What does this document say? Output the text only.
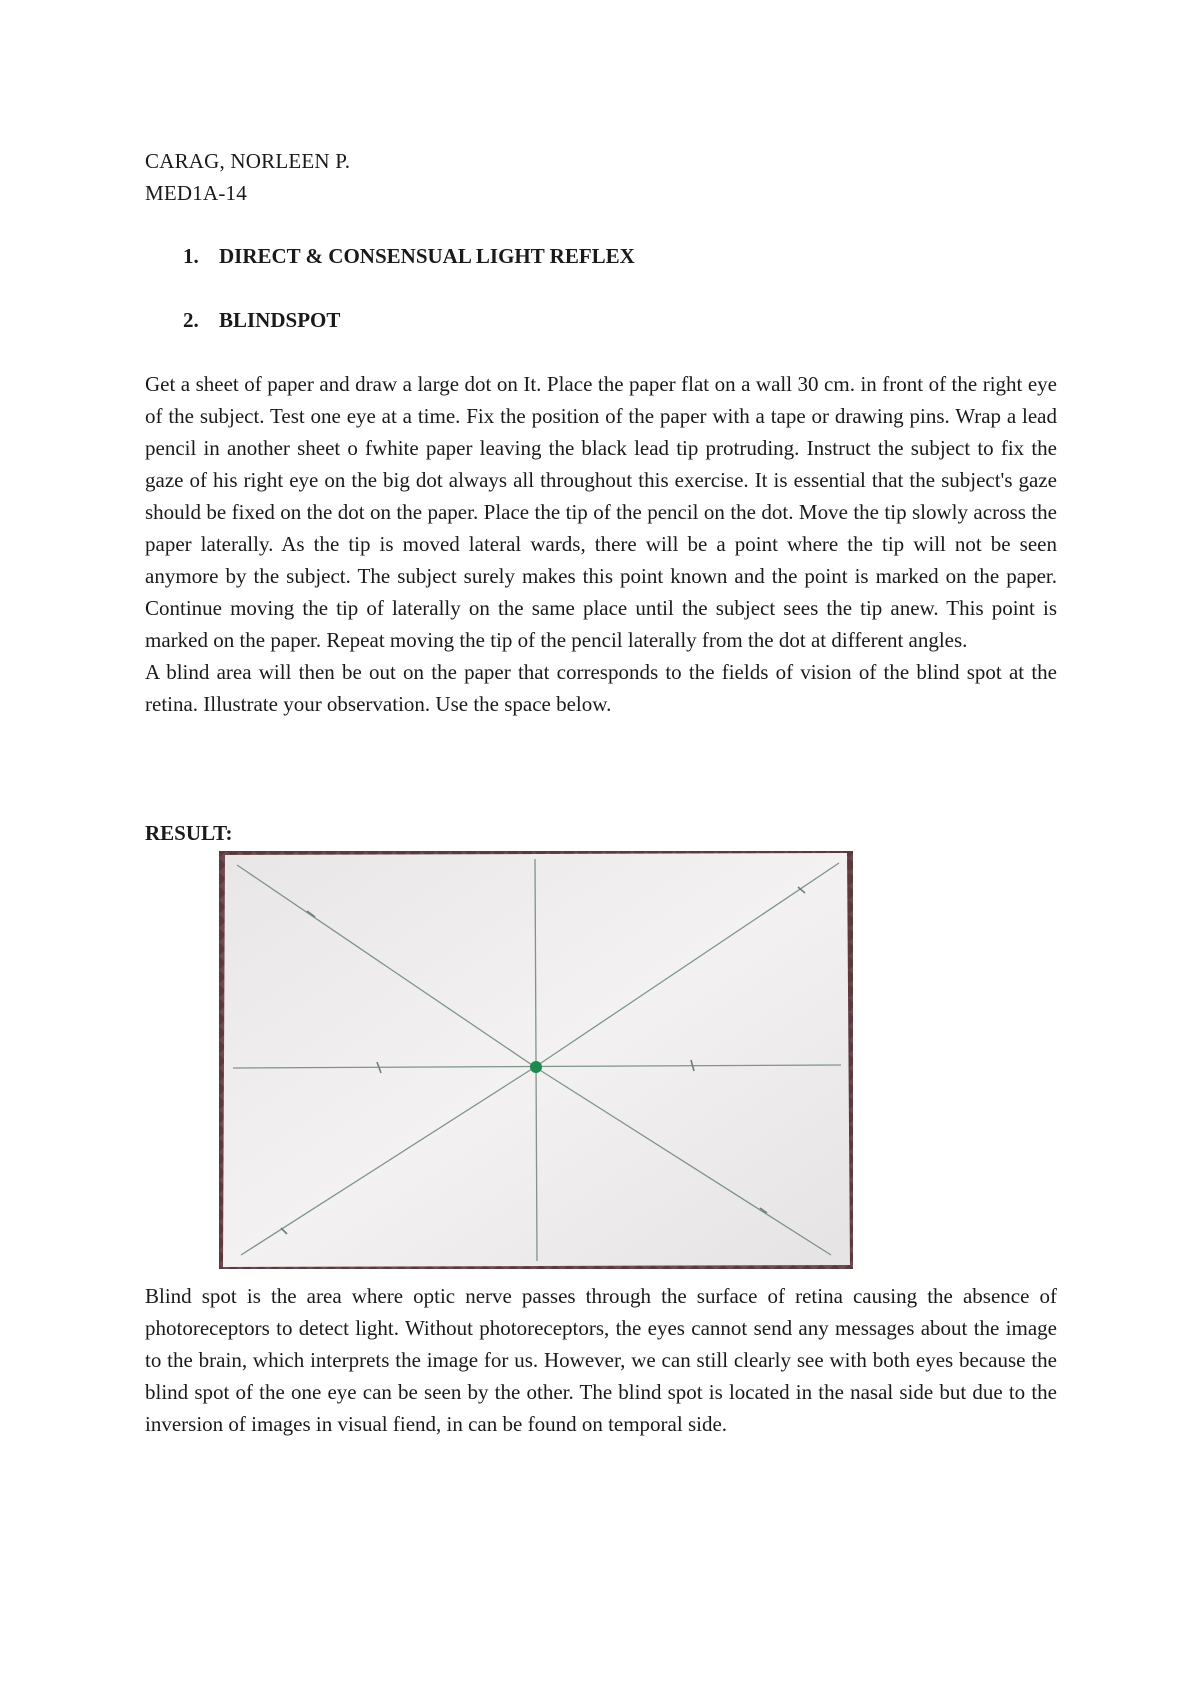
CARAG, NORLEEN P.
MED1A-14
1. DIRECT & CONSENSUAL LIGHT REFLEX
2. BLINDSPOT

Get a sheet of paper and draw a large dot on It. Place the paper flat on a wall 30 cm. in front of the right eye of the subject. Test one eye at a time. Fix the position of the paper with a tape or drawing pins. Wrap a lead pencil in another sheet o fwhite paper leaving the black lead tip protruding. Instruct the subject to fix the gaze of his right eye on the big dot always all throughout this exercise. It is essential that the subject's gaze should be fixed on the dot on the paper. Place the tip of the pencil on the dot. Move the tip slowly across the paper laterally. As the tip is moved lateral wards, there will be a point where the tip will not be seen anymore by the subject. The subject surely makes this point known and the point is marked on the paper. Continue moving the tip of laterally on the same place until the subject sees the tip anew. This point is marked on the paper. Repeat moving the tip of the pencil laterally from the dot at different angles.

A blind area will then be out on the paper that corresponds to the fields of vision of the blind spot at the retina. Illustrate your observation. Use the space below.

RESULT:

Blind spot is the area where optic nerve passes through the surface of retina causing the absence of photoreceptors to detect light. Without photoreceptors, the eyes cannot send any messages about the image to the brain, which interprets the image for us. However, we can still clearly see with both eyes because the blind spot of the one eye can be seen by the other. The blind spot is located in the nasal side but due to the inversion of images in visual fiend, in can be found on temporal side.
